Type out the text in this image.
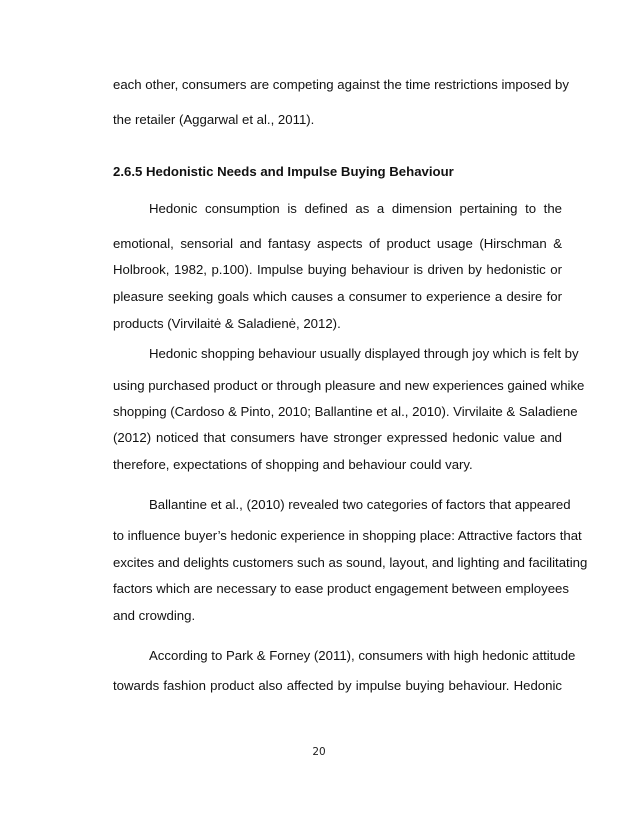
each other, consumers are competing against the time restrictions imposed by
the retailer (Aggarwal et al., 2011).
2.6.5 Hedonistic Needs and Impulse Buying Behaviour
Hedonic consumption is defined as a dimension pertaining to the
emotional, sensorial and fantasy aspects of product usage (Hirschman &
Holbrook, 1982, p.100). Impulse buying behaviour is driven by hedonistic or
pleasure seeking goals which causes a consumer to experience a desire for
products (Virvilaitė & Saladienė, 2012).
Hedonic shopping behaviour usually displayed through joy which is felt by
using purchased product or through pleasure and new experiences gained whike
shopping (Cardoso & Pinto, 2010; Ballantine et al., 2010). Virvilaite & Saladiene
(2012) noticed that consumers have stronger expressed hedonic value and
therefore, expectations of shopping and behaviour could vary.
Ballantine et al., (2010) revealed two categories of factors that appeared
to influence buyer’s hedonic experience in shopping place: Attractive factors that
excites and delights customers such as sound, layout, and lighting and facilitating
factors which are necessary to ease product engagement between employees
and crowding.
According to Park & Forney (2011), consumers with high hedonic attitude
towards fashion product also affected by impulse buying behaviour. Hedonic
20
